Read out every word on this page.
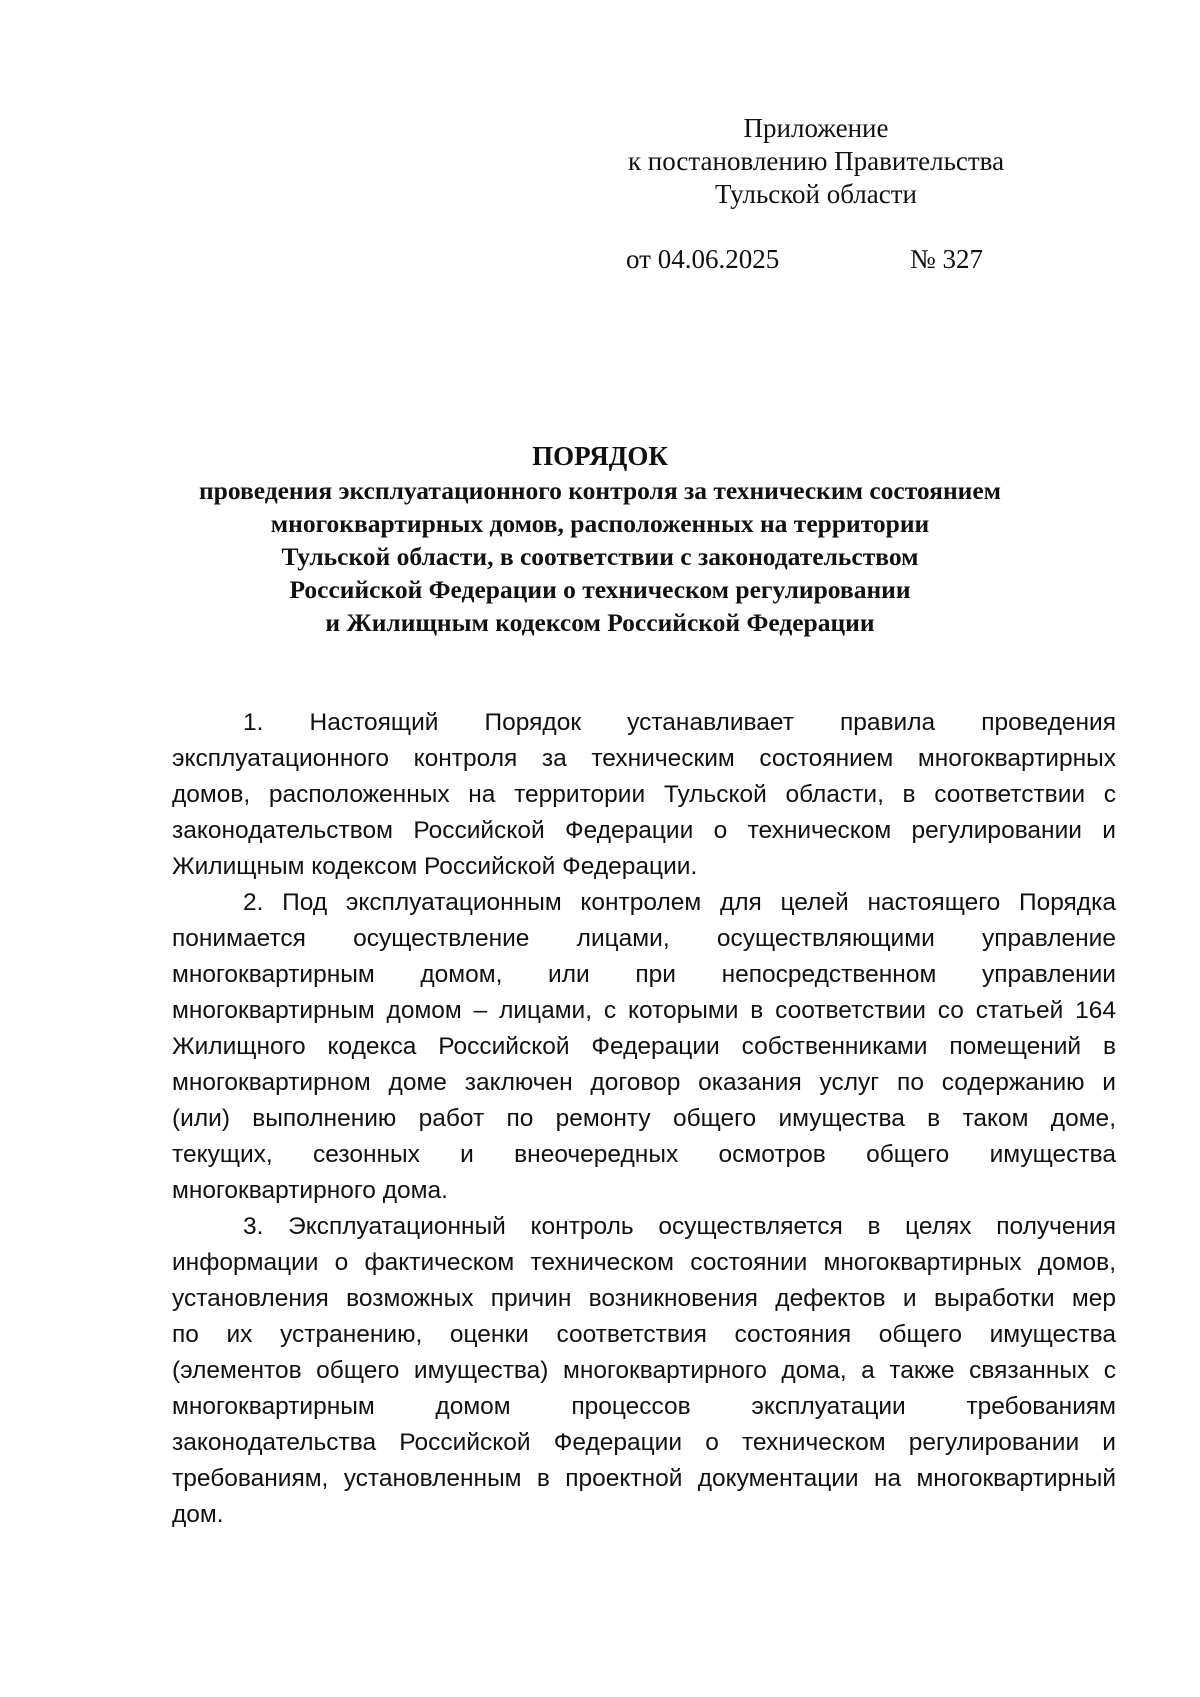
Приложение
к постановлению Правительства
Тульской области
от 04.06.2025	№ 327
ПОРЯДОК
проведения эксплуатационного контроля за техническим состоянием
многоквартирных домов, расположенных на территории
Тульской области, в соответствии с законодательством
Российской Федерации о техническом регулировании
и Жилищным кодексом Российской Федерации
1. Настоящий Порядок устанавливает правила проведения
эксплуатационного контроля за техническим состоянием многоквартирных
домов, расположенных на территории Тульской области, в соответствии с
законодательством Российской Федерации о техническом регулировании и
Жилищным кодексом Российской Федерации.
2. Под эксплуатационным контролем для целей настоящего Порядка
понимается осуществление лицами, осуществляющими управление
многоквартирным домом, или при непосредственном управлении
многоквартирным домом – лицами, с которыми в соответствии со статьей 164
Жилищного кодекса Российской Федерации собственниками помещений в
многоквартирном доме заключен договор оказания услуг по содержанию и
(или) выполнению работ по ремонту общего имущества в таком доме,
текущих, сезонных и внеочередных осмотров общего имущества
многоквартирного дома.
3. Эксплуатационный контроль осуществляется в целях получения
информации о фактическом техническом состоянии многоквартирных домов,
установления возможных причин возникновения дефектов и выработки мер
по их устранению, оценки соответствия состояния общего имущества
(элементов общего имущества) многоквартирного дома, а также связанных с
многоквартирным домом процессов эксплуатации требованиям
законодательства Российской Федерации о техническом регулировании и
требованиям, установленным в проектной документации на многоквартирный
дом.
